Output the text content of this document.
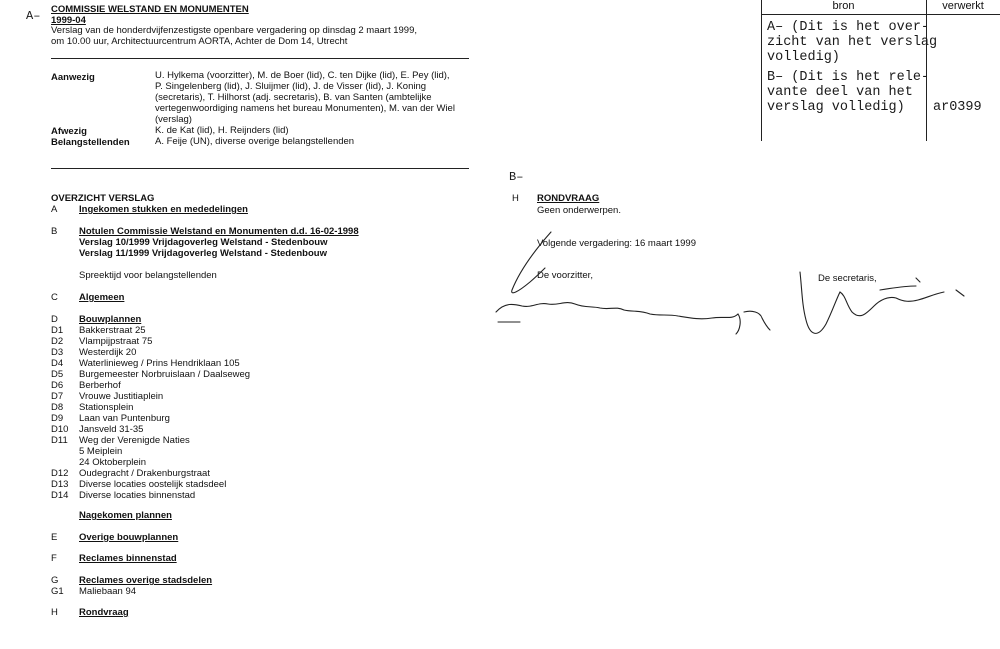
A–
B–
COMMISSIE WELSTAND EN MONUMENTEN
1999-04
Verslag van de honderdvijfenzestigste openbare vergadering op dinsdag 2 maart 1999,
om 10.00 uur, Architectuurcentrum AORTA, Achter de Dom 14, Utrecht
Aanwezig	U. Hylkema (voorzitter), M. de Boer (lid), C. ten Dijke (lid), E. Pey (lid),
P. Singelenberg (lid), J. Sluijmer (lid), J. de Visser (lid), J. Koning
(secretaris), T. Hilhorst (adj. secretaris), B. van Santen (ambtelijke
vertegenwoordiging namens het bureau Monumenten), M. van der Wiel
(verslag)
Afwezig	K. de Kat (lid), H. Reijnders (lid)
Belangstellenden	A. Feije (UN), diverse overige belangstellenden
OVERZICHT VERSLAG
A Ingekomen stukken en mededelingen
B Notulen Commissie Welstand en Monumenten d.d. 16-02-1998
Verslag 10/1999 Vrijdagoverleg Welstand - Stedenbouw
Verslag 11/1999 Vrijdagoverleg Welstand - Stedenbouw
Spreektijd voor belangstellenden
C Algemeen
D Bouwplannen
D1 Bakkerstraat 25
D2 Vlampijpstraat 75
D3 Westerdijk 20
D4 Waterlinieweg / Prins Hendriklaan 105
D5 Burgemeester Norbruislaan / Daalseweg
D6 Berberhof
D7 Vrouwe Justitiaplein
D8 Stationsplein
D9 Laan van Puntenburg
D10 Jansveld 31-35
D11 Weg der Verenigde Naties
5 Meiplein
24 Oktoberplein
D12 Oudegracht / Drakenburgstraat
D13 Diverse locaties oostelijk stadsdeel
D14 Diverse locaties binnenstad
Nagekomen plannen
E Overige bouwplannen
F Reclames binnenstad
G Reclames overige stadsdelen
G1 Maliebaan 94
H Rondvraag
H RONDVRAAG
Geen onderwerpen.
Volgende vergadering: 16 maart 1999
De voorzitter,	De secretaris,
bron	verwerkt
A– (Dit is het over-
zicht van het verslag
volledig)
B– (Dit is het rele-
vante deel van het
verslag volledig)	ar0399
